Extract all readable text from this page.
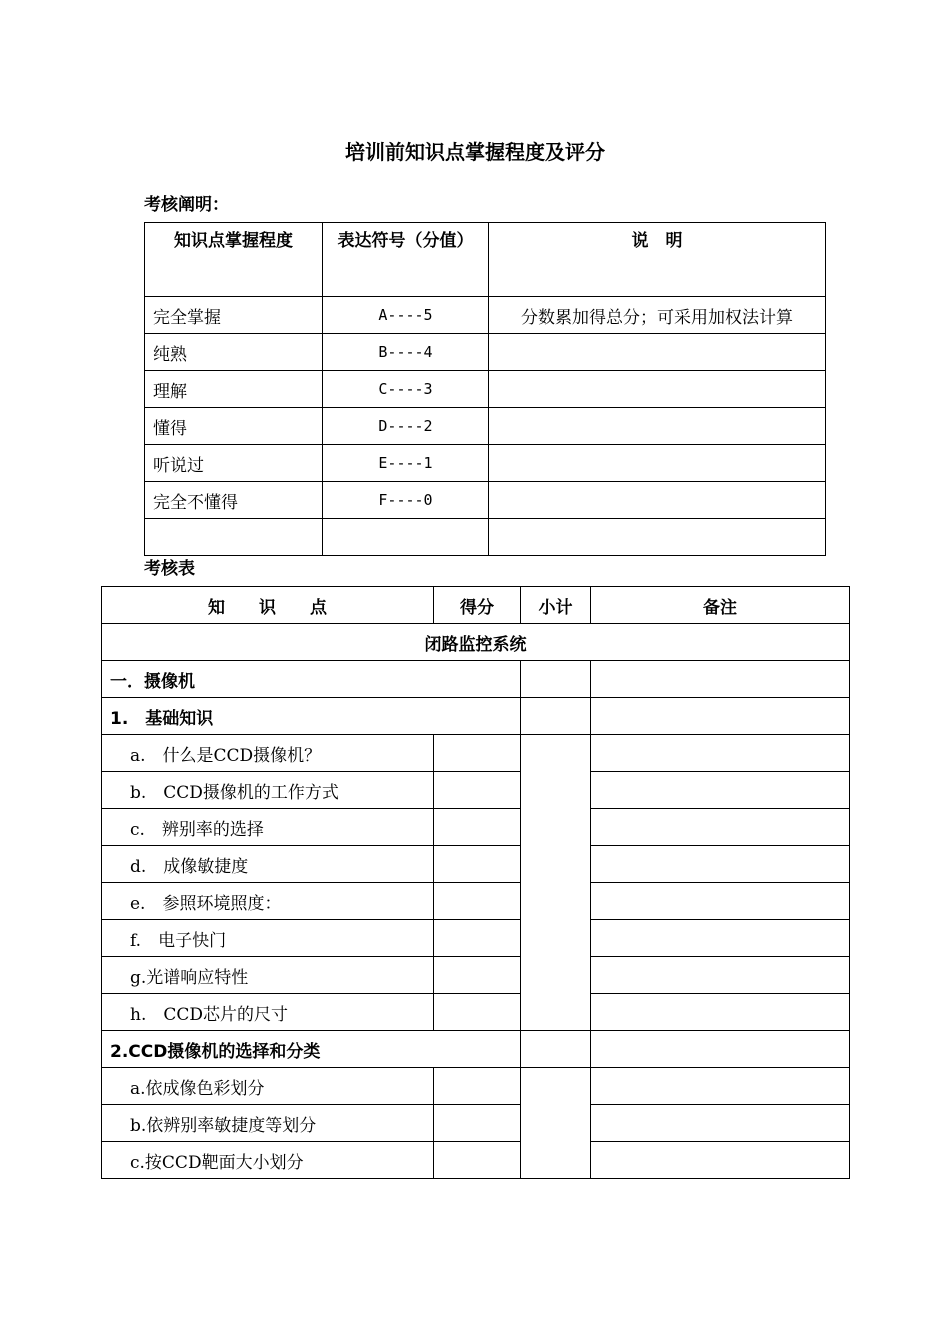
培训前知识点掌握程度及评分
考核阐明：
知识点掌握程度	表达符号（分值）	说　明
完全掌握	A----5	分数累加得总分；可采用加权法计算
纯熟	B----4	
理解	C----3	
懂得	D----2	
听说过	E----1	
完全不懂得	F----0	

考核表
知　　识　　点	得分	小计	备注
闭路监控系统			
一．摄像机			
1.　基础知识			
a.　什么是CCD摄像机？			
b.　CCD摄像机的工作方式			
c.　辨别率的选择			
d.　成像敏捷度			
e.　参照环境照度：			
f.　电子快门			
g.光谱响应特性			
h.　CCD芯片的尺寸			
2.CCD摄像机的选择和分类			
a.依成像色彩划分			
b.依辨别率敏捷度等划分			
c.按CCD靶面大小划分			
